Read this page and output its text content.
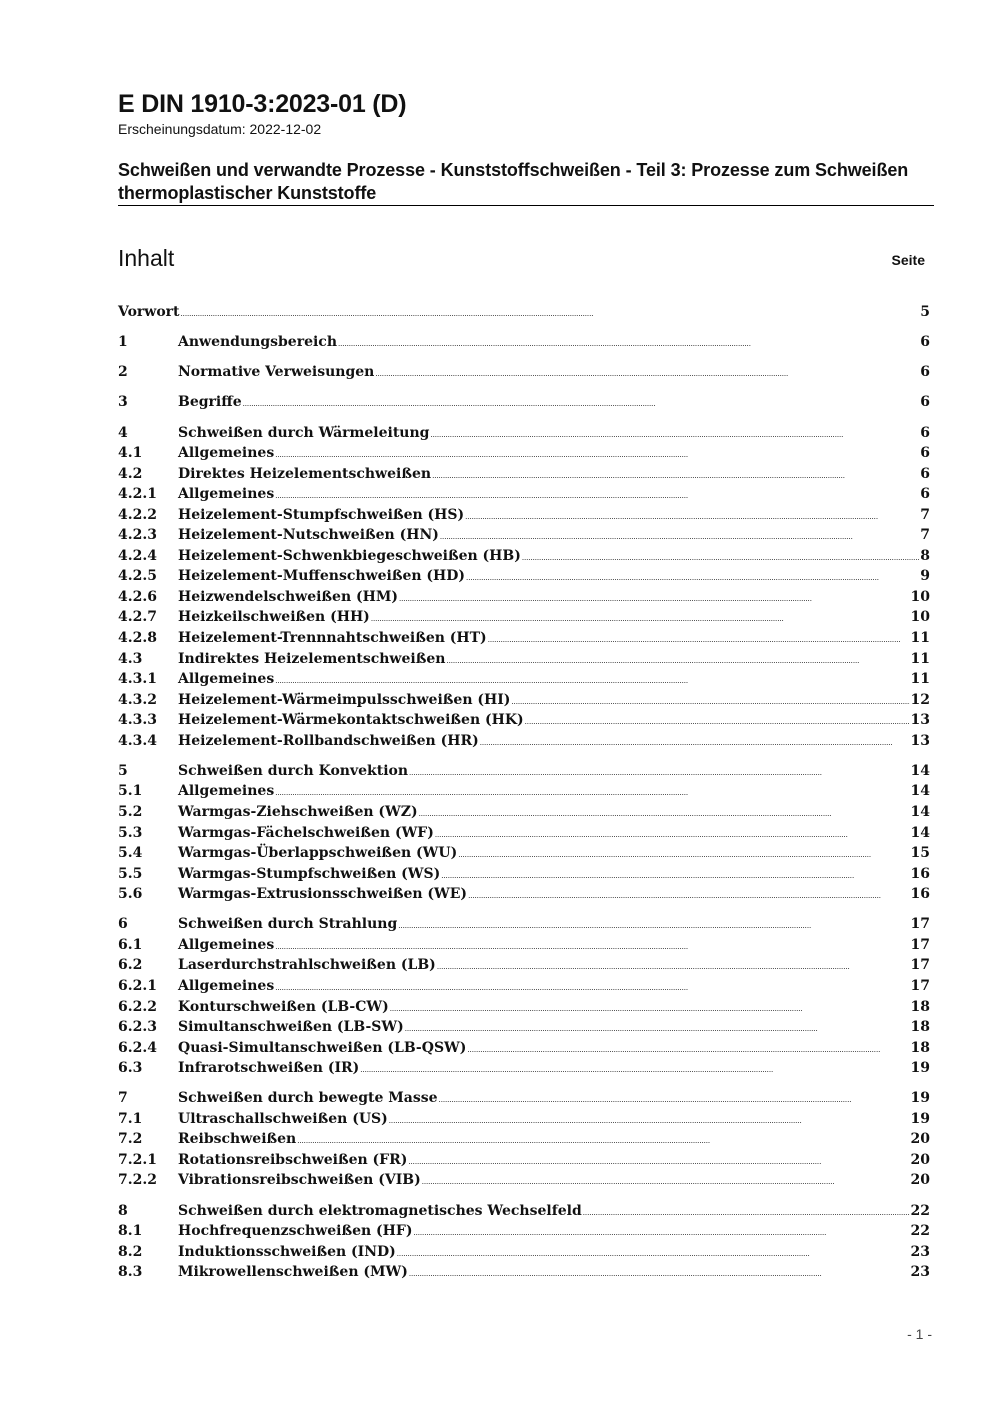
E DIN 1910-3:2023-01 (D)
Erscheinungsdatum: 2022-12-02
Schweißen und verwandte Prozesse - Kunststoffschweißen - Teil 3: Prozesse zum Schweißen thermoplastischer Kunststoffe
Inhalt	Seite
Vorwort . . .	5
1	Anwendungsbereich . . .	6
2	Normative Verweisungen . . .	6
3	Begriffe . . .	6
4	Schweißen durch Wärmeleitung . . .	6
4.1	Allgemeines . . .	6
4.2	Direktes Heizelementschweißen . . .	6
4.2.1 Allgemeines . . .	6
4.2.2 Heizelement-Stumpfschweißen (HS) . . .	7
4.2.3 Heizelement-Nutschweißen (HN) . . .	7
4.2.4 Heizelement-Schwenkbiegeschweißen (HB) . . .	8
4.2.5 Heizelement-Muffenschweißen (HD) . . .	9
4.2.6 Heizwendelschweißen (HM) . . .	10
4.2.7 Heizkeilschweißen (HH) . . .	10
4.2.8 Heizelement-Trennnahtschweißen (HT) . . .	11
4.3	Indirektes Heizelementschweißen . . .	11
4.3.1 Allgemeines . . .	11
4.3.2 Heizelement-Wärmeimpulsschweißen (HI) . . .	12
4.3.3 Heizelement-Wärmekontaktschweißen (HK) . . .	13
4.3.4 Heizelement-Rollbandschweißen (HR) . . .	13
5	Schweißen durch Konvektion . . .	14
5.1	Allgemeines . . .	14
5.2	Warmgas-Ziehschweißen (WZ) . . .	14
5.3	Warmgas-Fächelschweißen (WF) . . .	14
5.4	Warmgas-Überlappschweißen (WU) . . .	15
5.5	Warmgas-Stumpfschweißen (WS) . . .	16
5.6	Warmgas-Extrusionsschweißen (WE) . . .	16
6	Schweißen durch Strahlung . . .	17
6.1	Allgemeines . . .	17
6.2	Laserdurchstrahlschweißen (LB) . . .	17
6.2.1 Allgemeines . . .	17
6.2.2 Konturschweißen (LB-CW) . . .	18
6.2.3 Simultanschweißen (LB-SW) . . .	18
6.2.4 Quasi-Simultanschweißen (LB-QSW) . . .	18
6.3	Infrarotschweißen (IR) . . .	19
7	Schweißen durch bewegte Masse . . .	19
7.1	Ultraschallschweißen (US) . . .	19
7.2	Reibschweißen . . .	20
7.2.1 Rotationsreibschweißen (FR) . . .	20
7.2.2 Vibrationsreibschweißen (VIB) . . .	20
8	Schweißen durch elektromagnetisches Wechselfeld . . .	22
8.1	Hochfrequenzschweißen (HF) . . .	22
8.2	Induktionsschweißen (IND) . . .	23
8.3	Mikrowellenschweißen (MW) . . .	23
- 1 -
